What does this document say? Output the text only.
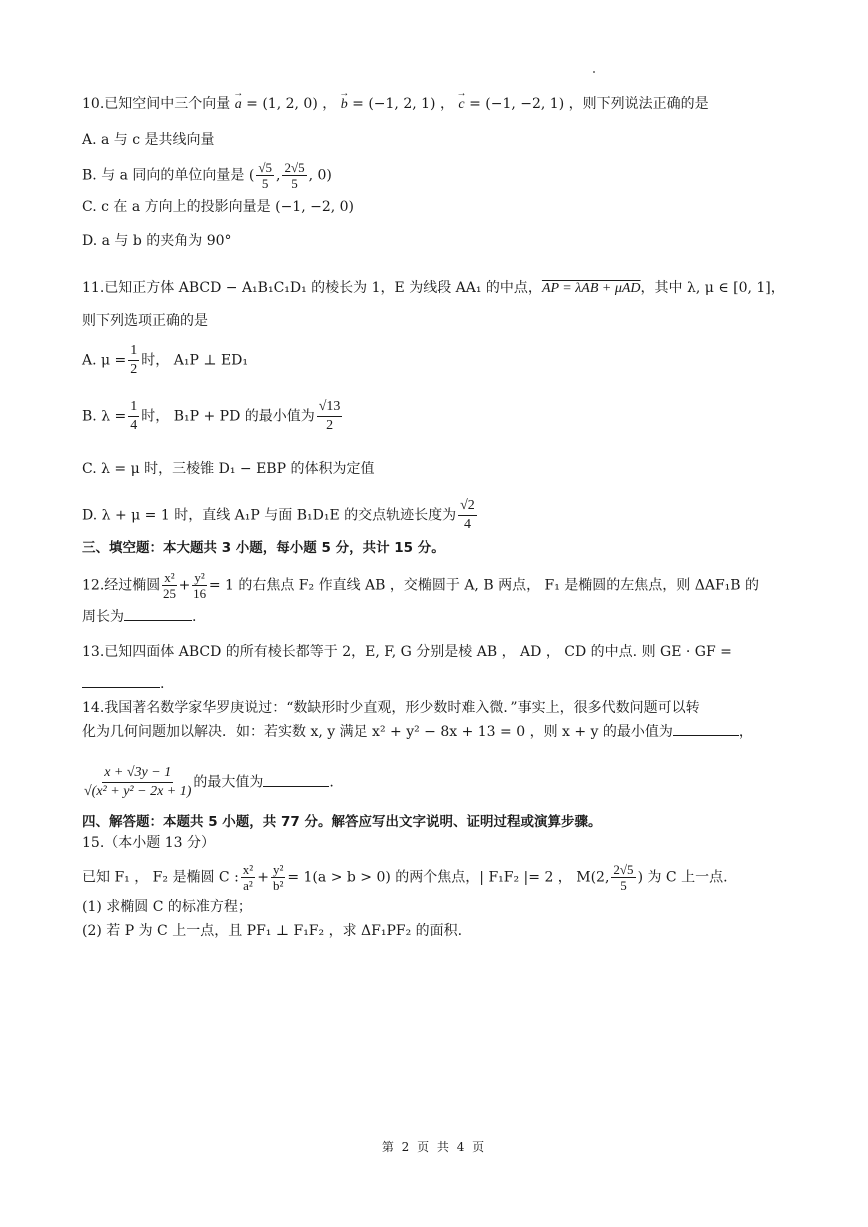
10.已知空间中三个向量 a → = (1, 2, 0) ， b → = (−1, 2, 1) ， c → = (−1, −2, 1) ，则下列说法正确的是
A. a 与 c 是共线向量
B. 与 a 同向的单位向量是 ( $\frac{√5}{5}$ , $\frac{2√5}{5}$ , 0)
C. c 在 a 方向上的投影向量是 (−1, −2, 0)
D. a 与 b 的夹角为 90°
11.已知正方体 ABCD − A₁B₁C₁D₁ 的棱长为 1，E 为线段 AA₁ 的中点，AP = λAB + μAD，其中 λ, μ ∈ [0, 1]，
则下列选项正确的是
A. $\mu = \frac{1}{2}$ 时， A₁P ⊥ ED₁
B. $\lambda = \frac{1}{4}$ 时， B₁P + PD 的最小值为 $\frac{√13}{2}$
C. λ = μ 时，三棱锥 D₁ − EBP 的体积为定值
D. λ + μ = 1 时，直线 A₁P 与面 B₁D₁E 的交点轨迹长度为 $\frac{√2}{4}$
三、填空题：本大题共 3 小题，每小题 5 分，共计 15 分。
12.经过椭圆 $\frac{\text{x²}}{25} + \frac{\text{y²}}{16} = 1$ 的右焦点 F₂ 作直线 AB ，交椭圆于 A, B 两点， F₁ 是椭圆的左焦点，则 ΔAF₁B 的
周长为	.
13.已知四面体 ABCD 的所有棱长都等于 2，E, F, G 分别是棱 AB ， AD ， CD 的中点. 则 GE · GF =
.
14.我国著名数学家华罗庚说过：“数缺形时少直观，形少数时难入微．”事实上，很多代数问题可以转
化为几何问题加以解决．如：若实数 x, y 满足 x² + y² − 8x + 13 = 0 ，则 x + y 的最小值为	，
$\frac{x + √3y - 1}{\text{√(x² + y² − 2x + 1)}}$ 的最大值为	.
四、解答题：本题共 5 小题，共 77 分。解答应写出文字说明、证明过程或演算步骤。
15.（本小题 13 分）
已知 F₁ ， F₂ 是椭圆 C : $\frac{\text{x²}}{\text{a²}} + \frac{\text{y²}}{\text{b²}} = 1(a > b > 0)$ 的两个焦点，| F₁F₂ |= 2 ， M(2, $\frac{2√5}{5}$ ) 为 C 上一点.
(1) 求椭圆 C 的标准方程；
(2) 若 P 为 C 上一点，且 PF₁ ⊥ F₁F₂ ，求 ΔF₁PF₂ 的面积.
第 2 页 共 4 页
